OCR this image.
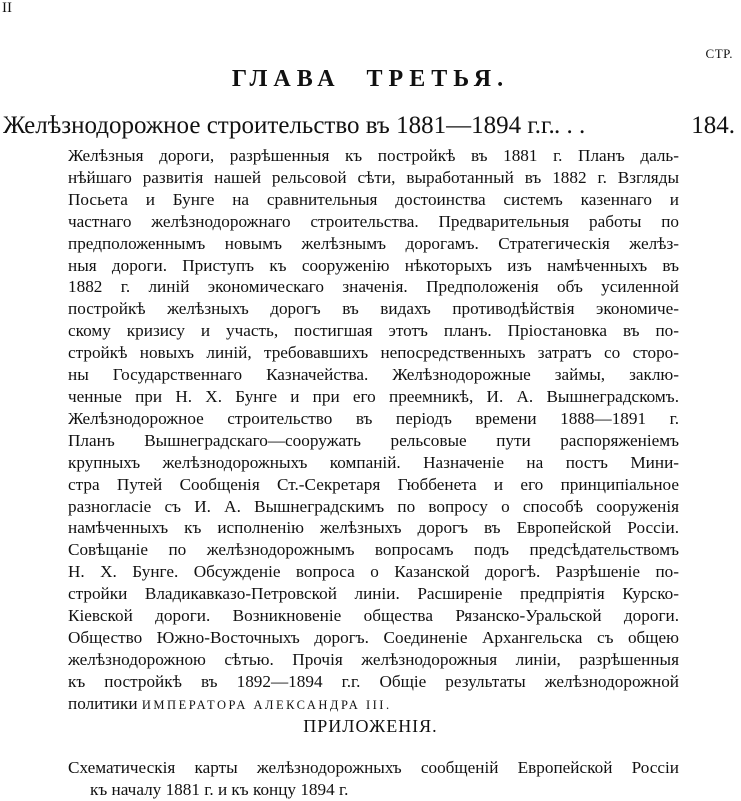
II
СТР.
ГЛАВА ТРЕТЬЯ.
Желѣзнодорожное строительство въ 1881—1894 г.г. . . .	184.
Желѣзныя дороги, разрѣшенныя къ постройкѣ въ 1881 г. Планъ даль-
нѣйшаго развитія нашей рельсовой сѣти, выработанный въ 1882 г. Взгляды
Посьета и Бунге на сравнительныя достоинства системъ казеннаго и
частнаго желѣзнодорожнаго строительства. Предварительныя работы по
предположеннымъ новымъ желѣзнымъ дорогамъ. Стратегическія желѣз-
ныя дороги. Приступъ къ сооруженію нѣкоторыхъ изъ намѣченныхъ въ
1882 г. линій экономическаго значенія. Предположенія объ усиленной
постройкѣ желѣзныхъ дорогъ въ видахъ противодѣйствія экономиче-
скому кризису и участь, постигшая этотъ планъ. Пріостановка въ по-
стройкѣ новыхъ линій, требовавшихъ непосредственныхъ затратъ со сторо-
ны Государственнаго Казначейства. Желѣзнодорожные займы, заклю-
ченные при Н. Х. Бунге и при его преемникѣ, И. А. Вышнеградскомъ.
Желѣзнодорожное строительство въ періодъ времени 1888—1891 г.
Планъ Вышнеградскаго—сооружать рельсовые пути распоряженіемъ
крупныхъ желѣзнодорожныхъ компаній. Назначеніе на постъ Мини-
стра Путей Сообщенія Ст.-Секретаря Гюббенета и его принципіальное
разногласіе съ И. А. Вышнеградскимъ по вопросу о способѣ сооруженія
намѣченныхъ къ исполненію желѣзныхъ дорогъ въ Европейской Россіи.
Совѣщаніе по желѣзнодорожнымъ вопросамъ подъ предсѣдательствомъ
Н. Х. Бунге. Обсужденіе вопроса о Казанской дорогѣ. Разрѣшеніе по-
стройки Владикавказо-Петровской линіи. Расширеніе предпріятія Курско-
Кіевской дороги. Возникновеніе общества Рязанско-Уральской дороги.
Общество Южно-Восточныхъ дорогъ. Соединеніе Архангельска съ общею
желѣзнодорожною сѣтью. Прочія желѣзнодорожныя линіи, разрѣшенныя
къ постройкѣ въ 1892—1894 г.г. Общіе результаты желѣзнодорожной
политики ИМПЕРАТОРА АЛЕКСАНДРА III.
ПРИЛОЖЕНІЯ.
Схематическія карты желѣзнодорожныхъ сообщеній Европейской Россіи
къ началу 1881 г. и къ концу 1894 г.
